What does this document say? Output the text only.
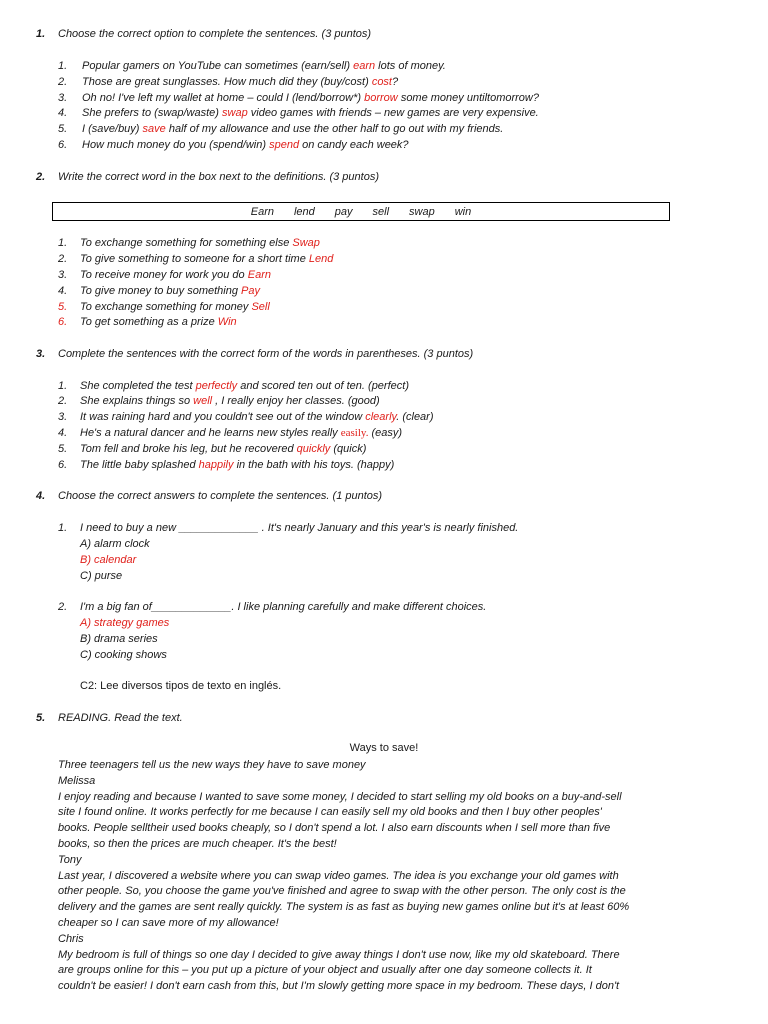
1. Choose the correct option to complete the sentences. (3 puntos)
1. Popular gamers on YouTube can sometimes (earn/sell) earn lots of money.
2. Those are great sunglasses. How much did they (buy/cost) cost?
3. Oh no! I've left my wallet at home – could I (lend/borrow*) borrow some money untiltomorrow?
4. She prefers to (swap/waste) swap video games with friends – new games are very expensive.
5. I (save/buy) save half of my allowance and use the other half to go out with my friends.
6. How much money do you (spend/win) spend on candy each week?
2. Write the correct word in the box next to the definitions. (3 puntos)
Earn lend pay sell swap win
1. To exchange something for something else Swap
2. To give something to someone for a short time Lend
3. To receive money for work you do Earn
4. To give money to buy something Pay
5. To exchange something for money Sell
6. To get something as a prize Win
3. Complete the sentences with the correct form of the words in parentheses. (3 puntos)
1. She completed the test perfectly and scored ten out of ten. (perfect)
2. She explains things so well , I really enjoy her classes. (good)
3. It was raining hard and you couldn't see out of the window clearly. (clear)
4. He's a natural dancer and he learns new styles really easily. (easy)
5. Tom fell and broke his leg, but he recovered quickly (quick)
6. The little baby splashed happily in the bath with his toys. (happy)
4. Choose the correct answers to complete the sentences. (1 puntos)
1. I need to buy a new _____________ . It's nearly January and this year's is nearly finished.
A) alarm clock
B) calendar
C) purse
2. I'm a big fan of_____________. I like planning carefully and make different choices.
A) strategy games
B) drama series
C) cooking shows
C2: Lee diversos tipos de texto en inglés.
5. READING. Read the text.
Ways to save!

Three teenagers tell us the new ways they have to save money

Melissa

I enjoy reading and because I wanted to save some money, I decided to start selling my old books on a buy-and-sell

site I found online. It works perfectly for me because I can easily sell my old books and then I buy other peoples'

books. People selltheir used books cheaply, so I don't spend a lot. I also earn discounts when I sell more than five

books, so then the prices are much cheaper. It's the best!

Tony

Last year, I discovered a website where you can swap video games. The idea is you exchange your old games with

other people. So, you choose the game you've finished and agree to swap with the other person. The only cost is the

delivery and the games are sent really quickly. The system is as fast as buying new games online but it's at least 60%

cheaper so I can save more of my allowance!

Chris

My bedroom is full of things so one day I decided to give away things I don't use now, like my old skateboard. There

are groups online for this – you put up a picture of your object and usually after one day someone collects it. It

couldn't be easier! I don't earn cash from this, but I'm slowly getting more space in my bedroom. These days, I don't
